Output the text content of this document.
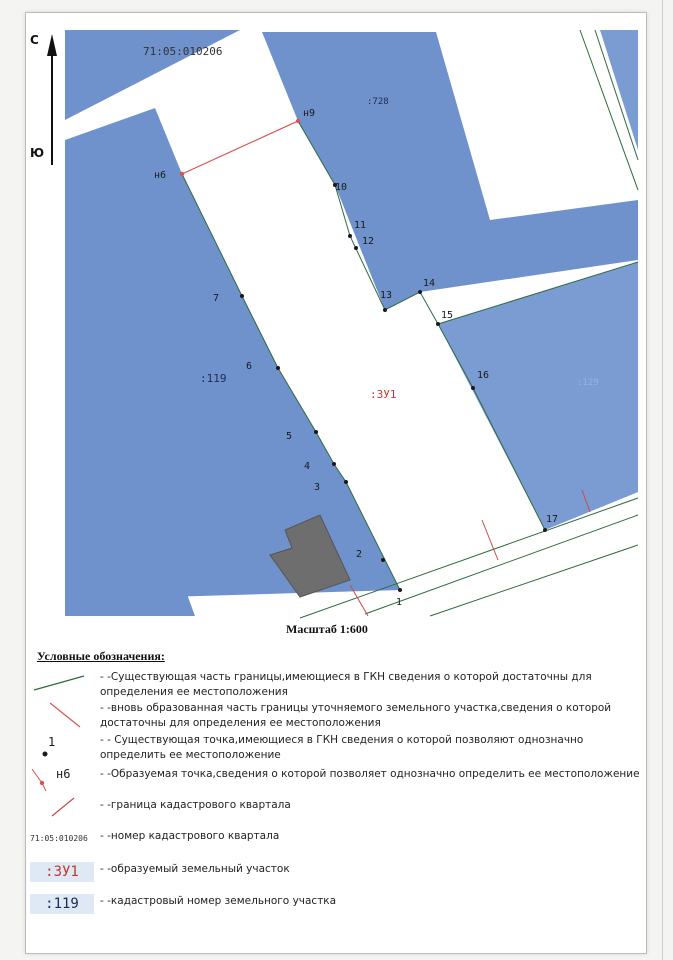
71:05:010206
:728
:129
:119
:ЗУ1
н9
н6
10
11
12
13
14
15
16
17
7
6
5
4
3
2
1
С
Ю
Масштаб 1:600
Условные обозначения:
- -Существующая часть границы,имеющиеся в ГКН сведения о которой достаточны для определения ее местоположения
- -вновь образованная часть границы уточняемого земельного участка,сведения о которой достаточны для определения ее местоположения
1	- - Существующая точка,имеющиеся в ГКН сведения о которой позволяют однозначно определить ее местоположение
н6	- -Образуемая точка,сведения о которой позволяет однозначно определить ее местоположение
- -граница кадастрового квартала
71:05:010206 - -номер кадастрового квартала
:ЗУ1	- -образуемый земельный участок
:119	- -кадастровый номер земельного участка
